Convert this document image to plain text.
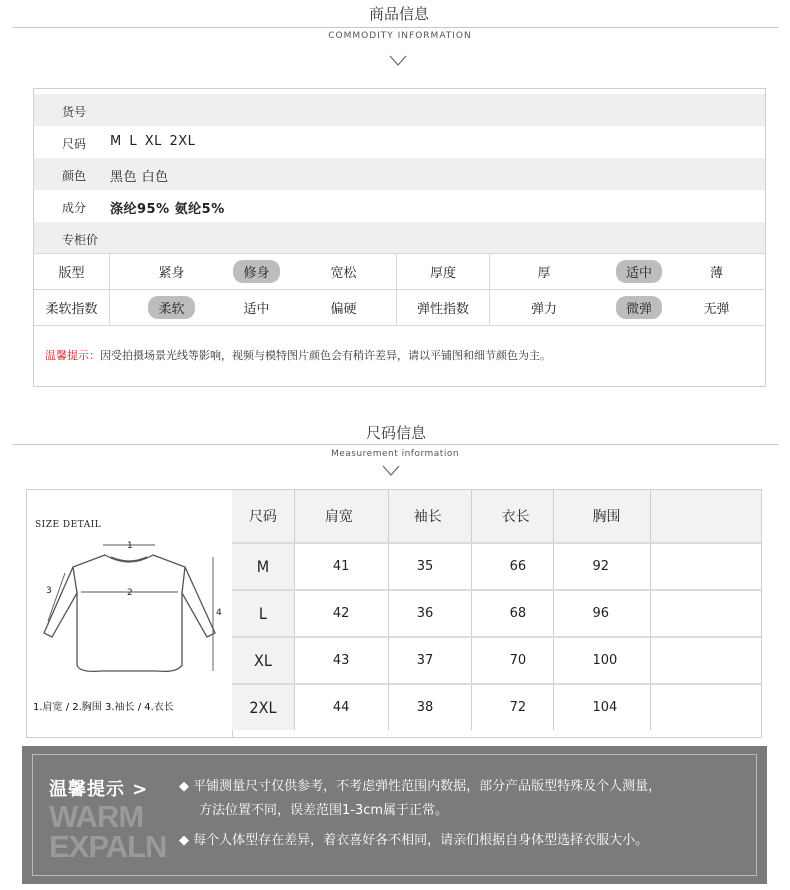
商品信息
COMMODITY INFORMATION
货号
尺码 M L XL 2XL
颜色 黑色 白色
成分 涤纶95% 氨纶5%
专柜价
版型	紧身	修身	宽松	厚度	厚	适中	薄
柔软指数	柔软	适中	偏硬	弹性指数	弹力	微弹	无弹
温馨提示：因受拍摄场景光线等影响，视频与模特图片颜色会有稍许差异，请以平铺图和细节颜色为主。
尺码信息
Measurement information
SIZE DETAIL
1
2
3
4
1.肩宽 / 2.胸围 3.袖长 / 4.衣长
尺码	肩宽	袖长	衣长	胸围	

M	41	35	66	92	

L	42	36	68	96	

XL	43	37	70	100	

2XL	44	38	72	104	

温馨提示 >
WARM
EXPALN
◆ 平铺测量尺寸仅供参考，不考虑弹性范围内数据，部分产品版型特殊及个人测量，
方法位置不同，误差范围1-3cm属于正常。
◆ 每个人体型存在差异，着衣喜好各不相同，请亲们根据自身体型选择衣服大小。
